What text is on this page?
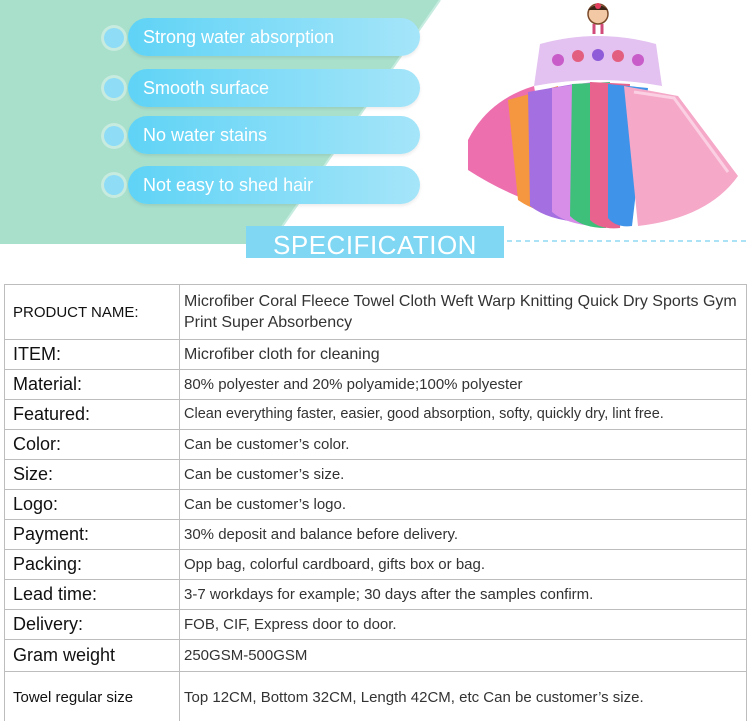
Strong water absorption
Smooth surface
No water stains
Not easy to shed hair
SPECIFICATION
PRODUCT NAME:	Microfiber Coral Fleece Towel Cloth Weft Warp Knitting Quick Dry Sports Gym Print Super Absorbency
ITEM:	Microfiber cloth for cleaning
Material:	80% polyester and 20% polyamide;100% polyester
Featured:	Clean everything faster, easier, good absorption, softy, quickly dry, lint free.
Color:	Can be customer’s color.
Size:	Can be customer’s size.
Logo:	Can be customer’s logo.
Payment:	30% deposit and balance before delivery.
Packing:	Opp bag, colorful cardboard, gifts box or bag.
Lead time:	3-7 workdays for example; 30 days after the samples confirm.
Delivery:	FOB, CIF, Express door to door.
Gram weight	250GSM-500GSM
Towel regular size	Top 12CM, Bottom 32CM, Length 42CM, etc Can be customer’s size.
